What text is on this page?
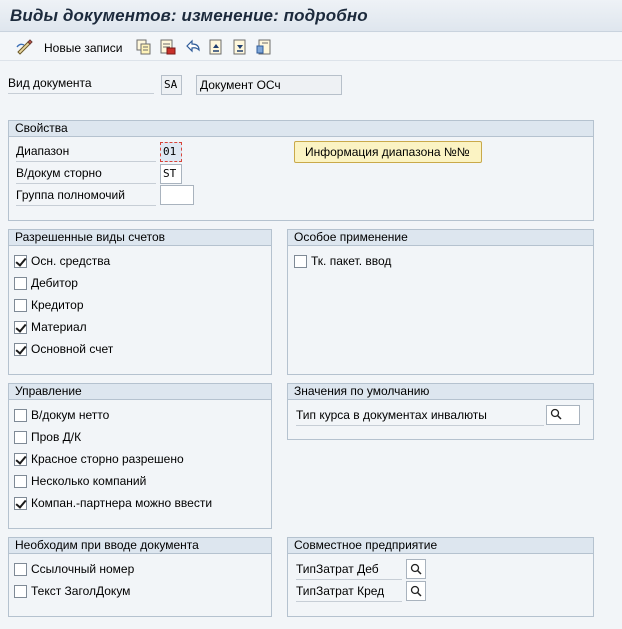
Виды документов: изменение: подробно
Новые записи
Вид документа	SA	Документ ОСч
Свойства
Диапазон	01
В/докум сторно	ST
Группа полномочий
Информация диапазона №№
Разрешенные виды счетов	Особое применение
Управление	Значения по умолчанию
Тип курса в документах инвалюты
Необходим при вводе документа	Совместное предприятие
ТипЗатрат Деб
ТипЗатрат Кред
Осн. средства
Дебитор
Кредитор
Материал
Основной счет
Тк. пакет. ввод
В/докум нетто
Пров Д/К
Красное сторно разрешено
Несколько компаний
Компан.-партнера можно ввести
Ссылочный номер
Текст ЗаголДокум
